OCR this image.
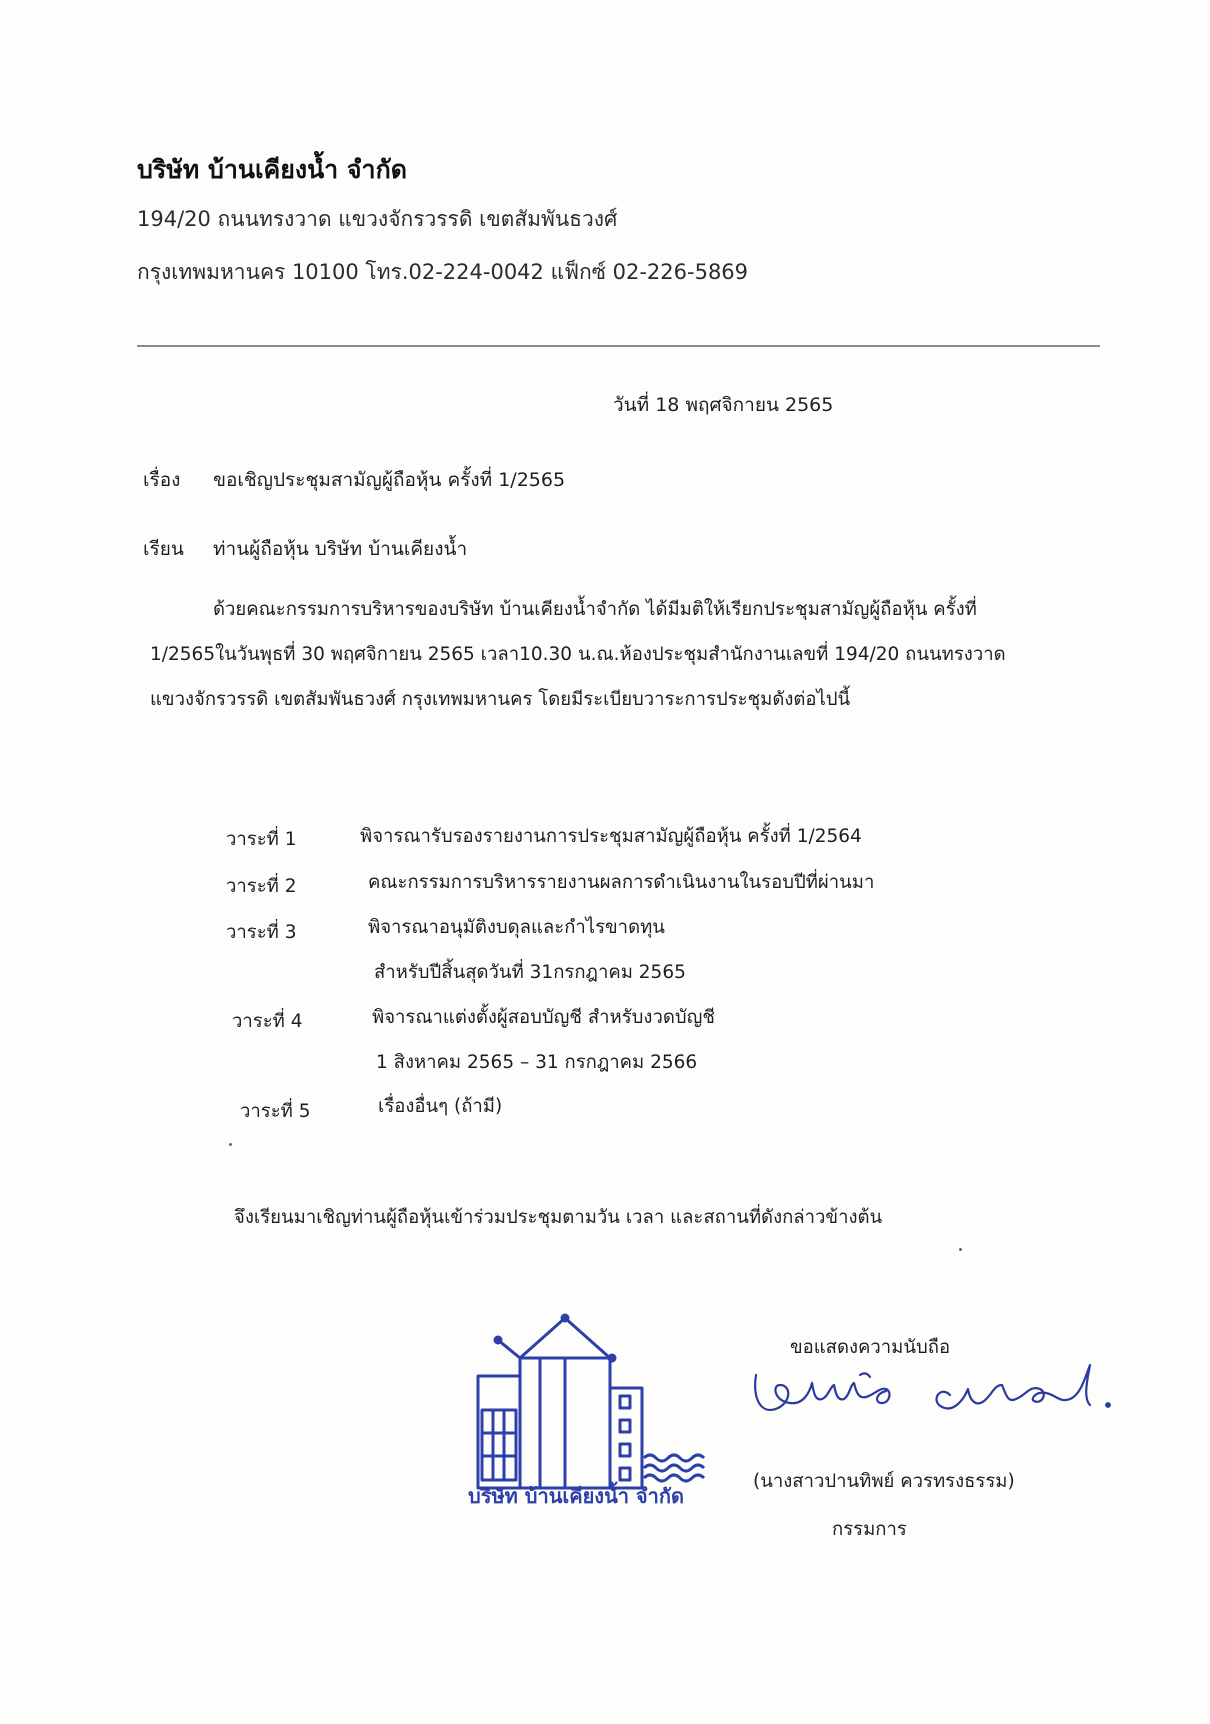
บริษัท บ้านเคียงน้ำ จำกัด
194/20 ถนนทรงวาด แขวงจักรวรรดิ เขตสัมพันธวงศ์
กรุงเทพมหานคร 10100 โทร.02-224-0042 แฟ็กซ์ 02-226-5869
วันที่ 18 พฤศจิกายน 2565
เรื่อง ขอเชิญประชุมสามัญผู้ถือหุ้น ครั้งที่ 1/2565
เรียน ท่านผู้ถือหุ้น บริษัท บ้านเคียงน้ำ
ด้วยคณะกรรมการบริหารของบริษัท บ้านเคียงน้ำจำกัด ได้มีมติให้เรียกประชุมสามัญผู้ถือหุ้น ครั้งที่
1/2565ในวันพุธที่ 30 พฤศจิกายน 2565 เวลา10.30 น.ณ.ห้องประชุมสำนักงานเลขที่ 194/20 ถนนทรงวาด
แขวงจักรวรรดิ เขตสัมพันธวงศ์ กรุงเทพมหานคร โดยมีระเบียบวาระการประชุมดังต่อไปนี้
วาระที่ 1	พิจารณารับรองรายงานการประชุมสามัญผู้ถือหุ้น ครั้งที่ 1/2564
วาระที่ 2	คณะกรรมการบริหารรายงานผลการดำเนินงานในรอบปีที่ผ่านมา
วาระที่ 3	พิจารณาอนุมัติงบดุลและกำไรขาดทุน
สำหรับปีสิ้นสุดวันที่ 31กรกฎาคม 2565
วาระที่ 4	พิจารณาแต่งตั้งผู้สอบบัญชี สำหรับงวดบัญชี
1 สิงหาคม 2565 – 31 กรกฎาคม 2566
วาระที่ 5	เรื่องอื่นๆ (ถ้ามี)
จึงเรียนมาเชิญท่านผู้ถือหุ้นเข้าร่วมประชุมตามวัน เวลา และสถานที่ดังกล่าวข้างต้น
บริษัท บ้านเคียงน้ำ จำกัด
ขอแสดงความนับถือ
(นางสาวปานทิพย์ ควรทรงธรรม)
กรรมการ
